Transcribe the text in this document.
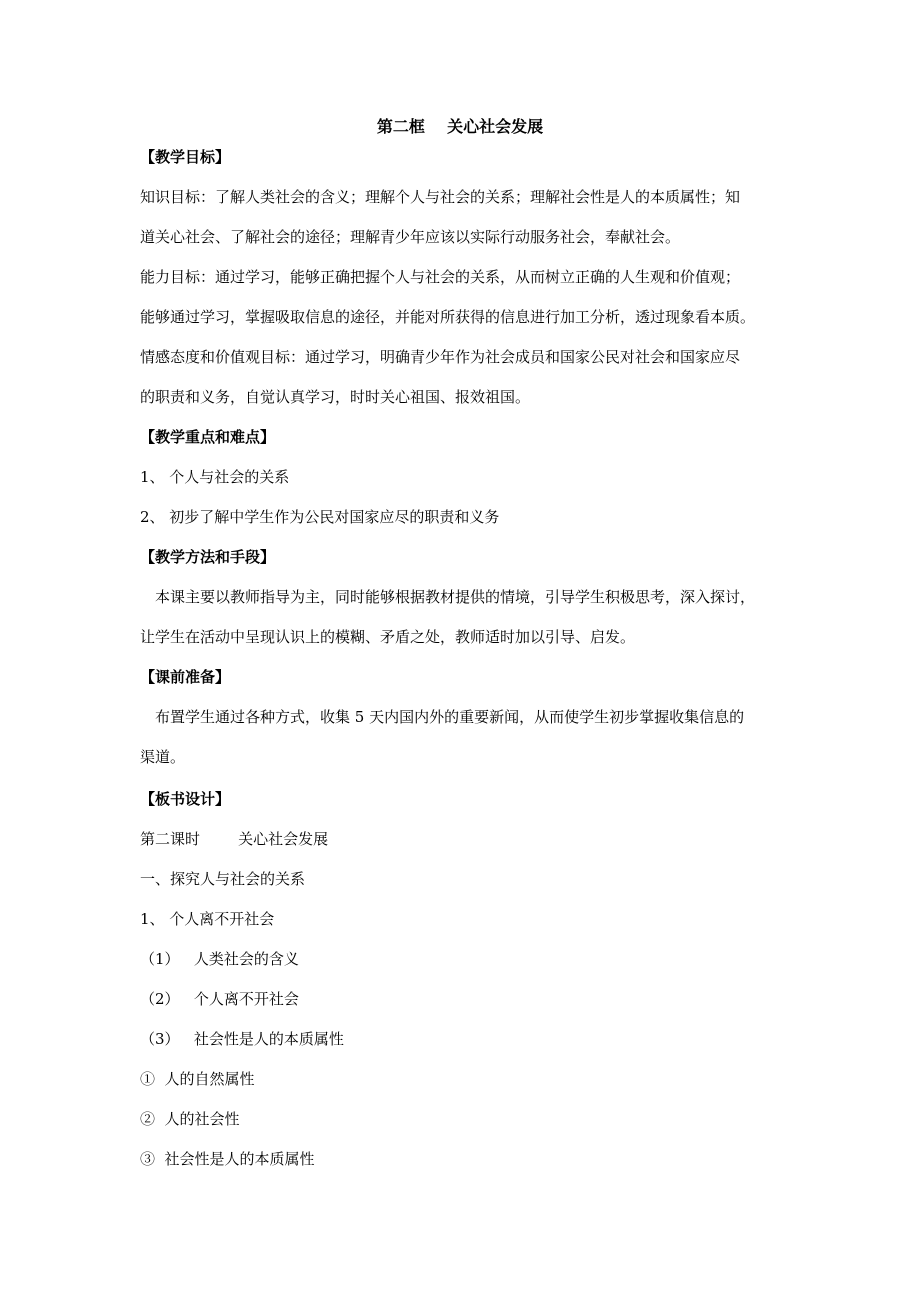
第二框    关心社会发展
【教学目标】
知识目标：了解人类社会的含义；理解个人与社会的关系；理解社会性是人的本质属性；知
道关心社会、了解社会的途径；理解青少年应该以实际行动服务社会，奉献社会。
能力目标：通过学习，能够正确把握个人与社会的关系，从而树立正确的人生观和价值观；
能够通过学习，掌握吸取信息的途径，并能对所获得的信息进行加工分析，透过现象看本质。
情感态度和价值观目标：通过学习，明确青少年作为社会成员和国家公民对社会和国家应尽
的职责和义务，自觉认真学习，时时关心祖国、报效祖国。
【教学重点和难点】
1、 个人与社会的关系
2、 初步了解中学生作为公民对国家应尽的职责和义务
【教学方法和手段】
本课主要以教师指导为主，同时能够根据教材提供的情境，引导学生积极思考，深入探讨，
让学生在活动中呈现认识上的模糊、矛盾之处，教师适时加以引导、启发。
【课前准备】
布置学生通过各种方式，收集 5 天内国内外的重要新闻，从而使学生初步掌握收集信息的
渠道。
【板书设计】
第二课时        关心社会发展
一、探究人与社会的关系
1、 个人离不开社会
（1）   人类社会的含义
（2）   个人离不开社会
（3）   社会性是人的本质属性
①  人的自然属性
②  人的社会性
③  社会性是人的本质属性
